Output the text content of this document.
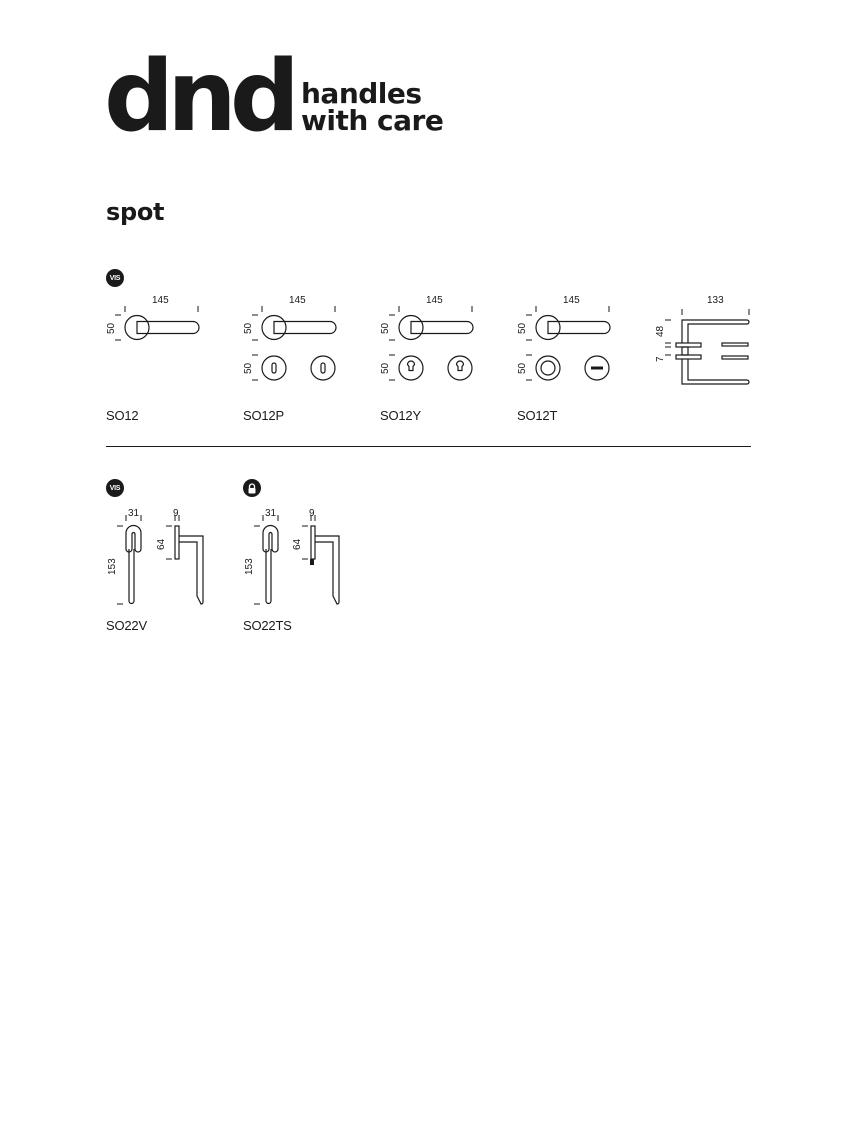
dnd handles
with care
spot
VIS
145
50
145
50
50
145
50
50
145
50
50
133
48
7
SO12	SO12P	SO12Y	SO12T
VIS
31
153
9
64
31
153
9
64
SO22V	SO22TS
